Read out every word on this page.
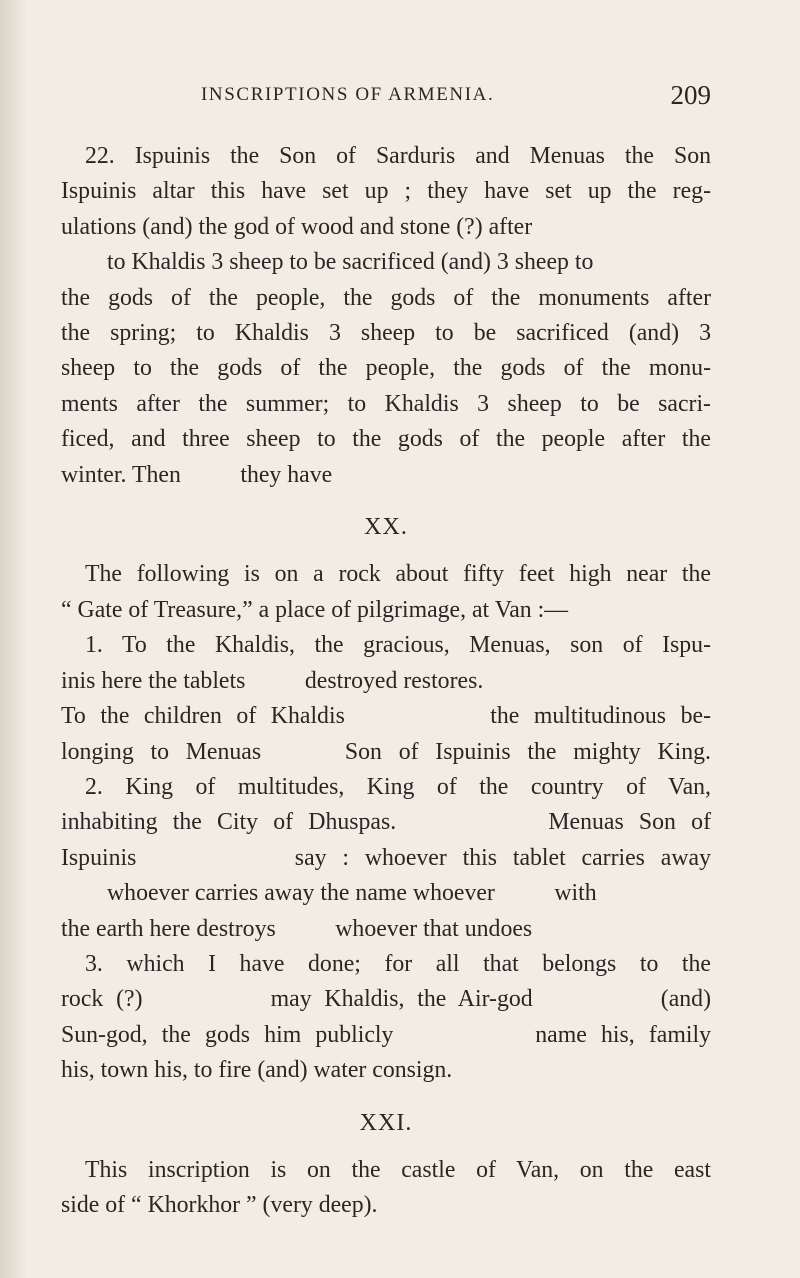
INSCRIPTIONS OF ARMENIA.	209

22. Ispuinis the Son of Sarduris and Menuas the Son
Ispuinis altar this have set up ; they have set up the reg-
ulations (and) the god of wood and stone (?) after
to Khaldis 3 sheep to be sacrificed (and) 3 sheep to
the gods of the people, the gods of the monuments after
the spring; to Khaldis 3 sheep to be sacrificed (and) 3
sheep to the gods of the people, the gods of the monu-
ments after the summer; to Khaldis 3 sheep to be sacri-
ficed, and three sheep to the gods of the people after the
winter. Then          they have

XX.

The following is on a rock about fifty feet high near the
“ Gate of Treasure,” a place of pilgrimage, at Van :—
1. To the Khaldis, the gracious, Menuas, son of Ispu-
inis here the tablets          destroyed restores.
To the children of Khaldis          the multitudinous be-
longing to Menuas     Son of Ispuinis the mighty King.
2. King of multitudes, King of the country of Van,
inhabiting the City of Dhuspas.          Menuas Son of
Ispuinis          say : whoever this tablet carries away
whoever carries away the name whoever          with
the earth here destroys          whoever that undoes
3. which I have done; for all that belongs to the
rock (?)          may Khaldis, the Air-god          (and)
Sun-god, the gods him publicly          name his, family
his, town his, to fire (and) water consign.

XXI.

This inscription is on the castle of Van, on the east
side of “ Khorkhor ” (very deep).
